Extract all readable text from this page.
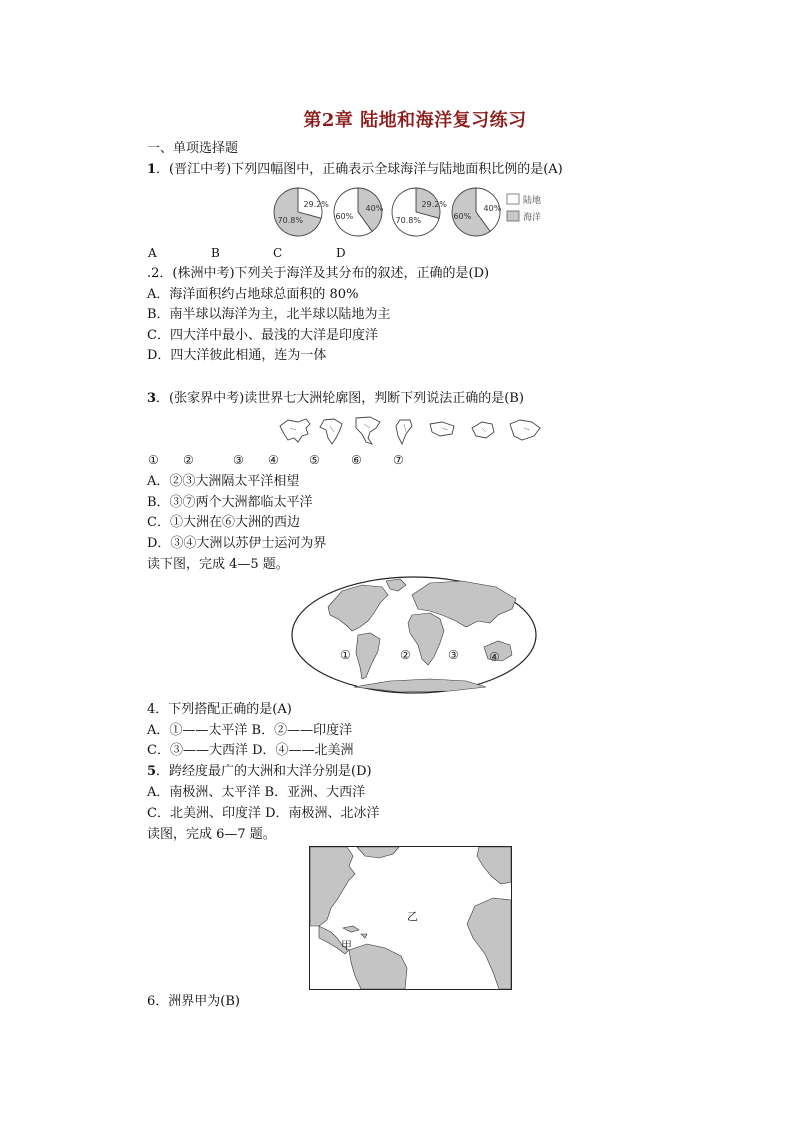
第2章 陆地和海洋复习练习
一、单项选择题
1．(晋江中考)下列四幅图中，正确表示全球海洋与陆地面积比例的是(A)
29.2%
70.8%
40%
60%
29.2%
70.8%
40%
60%
陆地
海洋
A	B	C	D
.2．(株洲中考)下列关于海洋及其分布的叙述，正确的是(D)
A．海洋面积约占地球总面积的 80%
B．南半球以海洋为主，北半球以陆地为主
C．四大洋中最小、最浅的大洋是印度洋
D．四大洋彼此相通，连为一体
3．(张家界中考)读世界七大洲轮廓图，判断下列说法正确的是(B)
① ②	③ ④	⑤	⑥	⑦
A．②③大洲隔太平洋相望
B．③⑦两个大洲都临太平洋
C．①大洲在⑥大洲的西边
D．③④大洲以苏伊士运河为界
读下图，完成 4—5 题。
①	②	③	④
4．下列搭配正确的是(A)
A．①——太平洋 B．②——印度洋
C．③——大西洋 D．④——北美洲
5．跨经度最广的大洲和大洋分别是(D)
A．南极洲、太平洋 B．亚洲、大西洋
C．北美洲、印度洋 D．南极洲、北冰洋
读图，完成 6—7 题。
乙
甲
6．洲界甲为(B)
